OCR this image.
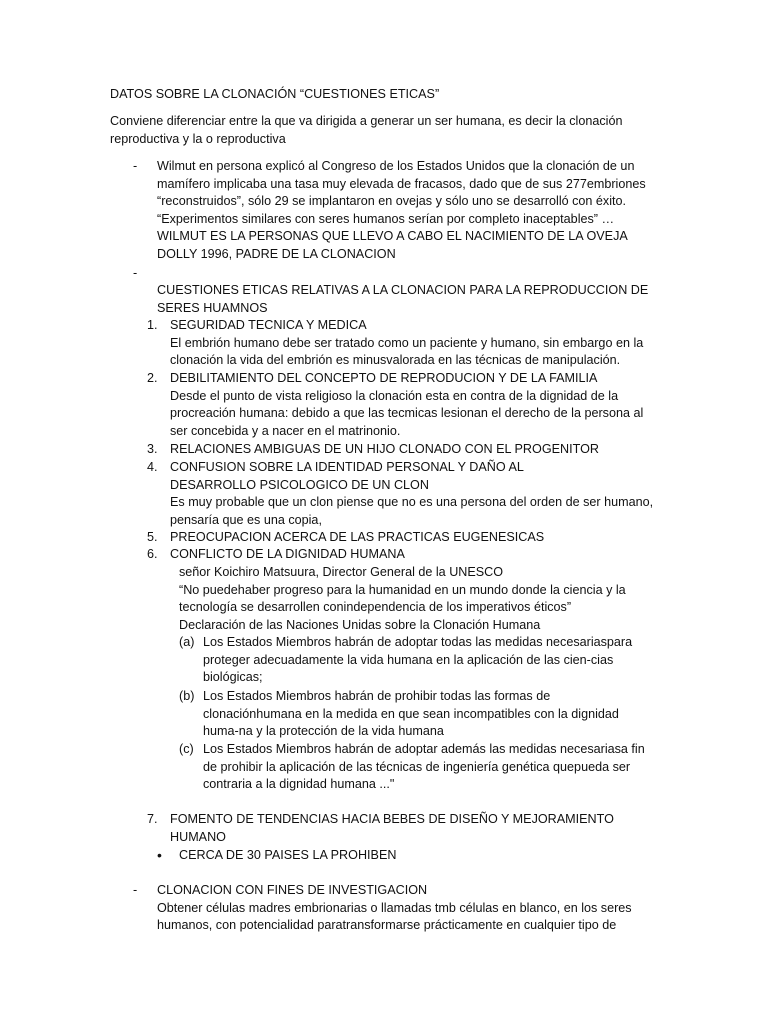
DATOS SOBRE LA CLONACIÓN “CUESTIONES ETICAS”
Conviene diferenciar entre la que va dirigida a generar un ser humana, es decir la clonación reproductiva y la o reproductiva
- Wilmut en persona explicó al Congreso de los Estados Unidos que la clonación de un mamífero implicaba una tasa muy elevada de fracasos, dado que de sus 277embriones “reconstruidos”, sólo 29 se implantaron en ovejas y sólo uno se desarrolló con éxito. “Experimentos similares con seres humanos serían por completo inaceptables” … WILMUT ES LA PERSONAS QUE LLEVO A CABO EL NACIMIENTO DE LA OVEJA DOLLY 1996, PADRE DE LA CLONACION
-
CUESTIONES ETICAS RELATIVAS A LA CLONACION PARA LA REPRODUCCION DE SERES HUAMNOS
1. SEGURIDAD TECNICA Y MEDICA
El embrión humano debe ser tratado como un paciente y humano, sin embargo en la clonación la vida del embrión es minusvalorada en las técnicas de manipulación.
2. DEBILITAMIENTO DEL CONCEPTO DE REPRODUCION Y DE LA FAMILIA
Desde el punto de vista religioso la clonación esta en contra de la dignidad de la procreación humana: debido a que las tecmicas lesionan el derecho de la persona al ser concebida y a nacer en el matrinonio.
3. RELACIONES AMBIGUAS DE UN HIJO CLONADO CON EL PROGENITOR
4. CONFUSION SOBRE LA IDENTIDAD PERSONAL Y DAÑO AL DESARROLLO PSICOLOGICO DE UN CLON
Es muy probable que un clon piense que no es una persona del orden de ser humano, pensaría que es una copia,
5. PREOCUPACION ACERCA DE LAS PRACTICAS EUGENESICAS
6. CONFLICTO DE LA DIGNIDAD HUMANA
señor Koichiro Matsuura, Director General de la UNESCO
“No puedehaber progreso para la humanidad en un mundo donde la ciencia y la tecnología se desarrollen conindependencia de los imperativos éticos”
Declaración de las Naciones Unidas sobre la Clonación Humana
(a) Los Estados Miembros habrán de adoptar todas las medidas necesariaspara proteger adecuadamente la vida humana en la aplicación de las cien-cias biológicas;
(b) Los Estados Miembros habrán de prohibir todas las formas de clonaciónhumana en la medida en que sean incompatibles con la dignidad huma-na y la protección de la vida humana
(c) Los Estados Miembros habrán de adoptar además las medidas necesariasa fin de prohibir la aplicación de las técnicas de ingeniería genética quepueda ser contraria a la dignidad humana ..."
7. FOMENTO DE TENDENCIAS HACIA BEBES DE DISEÑO Y MEJORAMIENTO HUMANO
• CERCA DE 30 PAISES LA PROHIBEN
- CLONACION CON FINES DE INVESTIGACION
Obtener células madres embrionarias o llamadas tmb células en blanco, en los seres humanos, con potencialidad paratransformarse prácticamente en cualquier tipo de
